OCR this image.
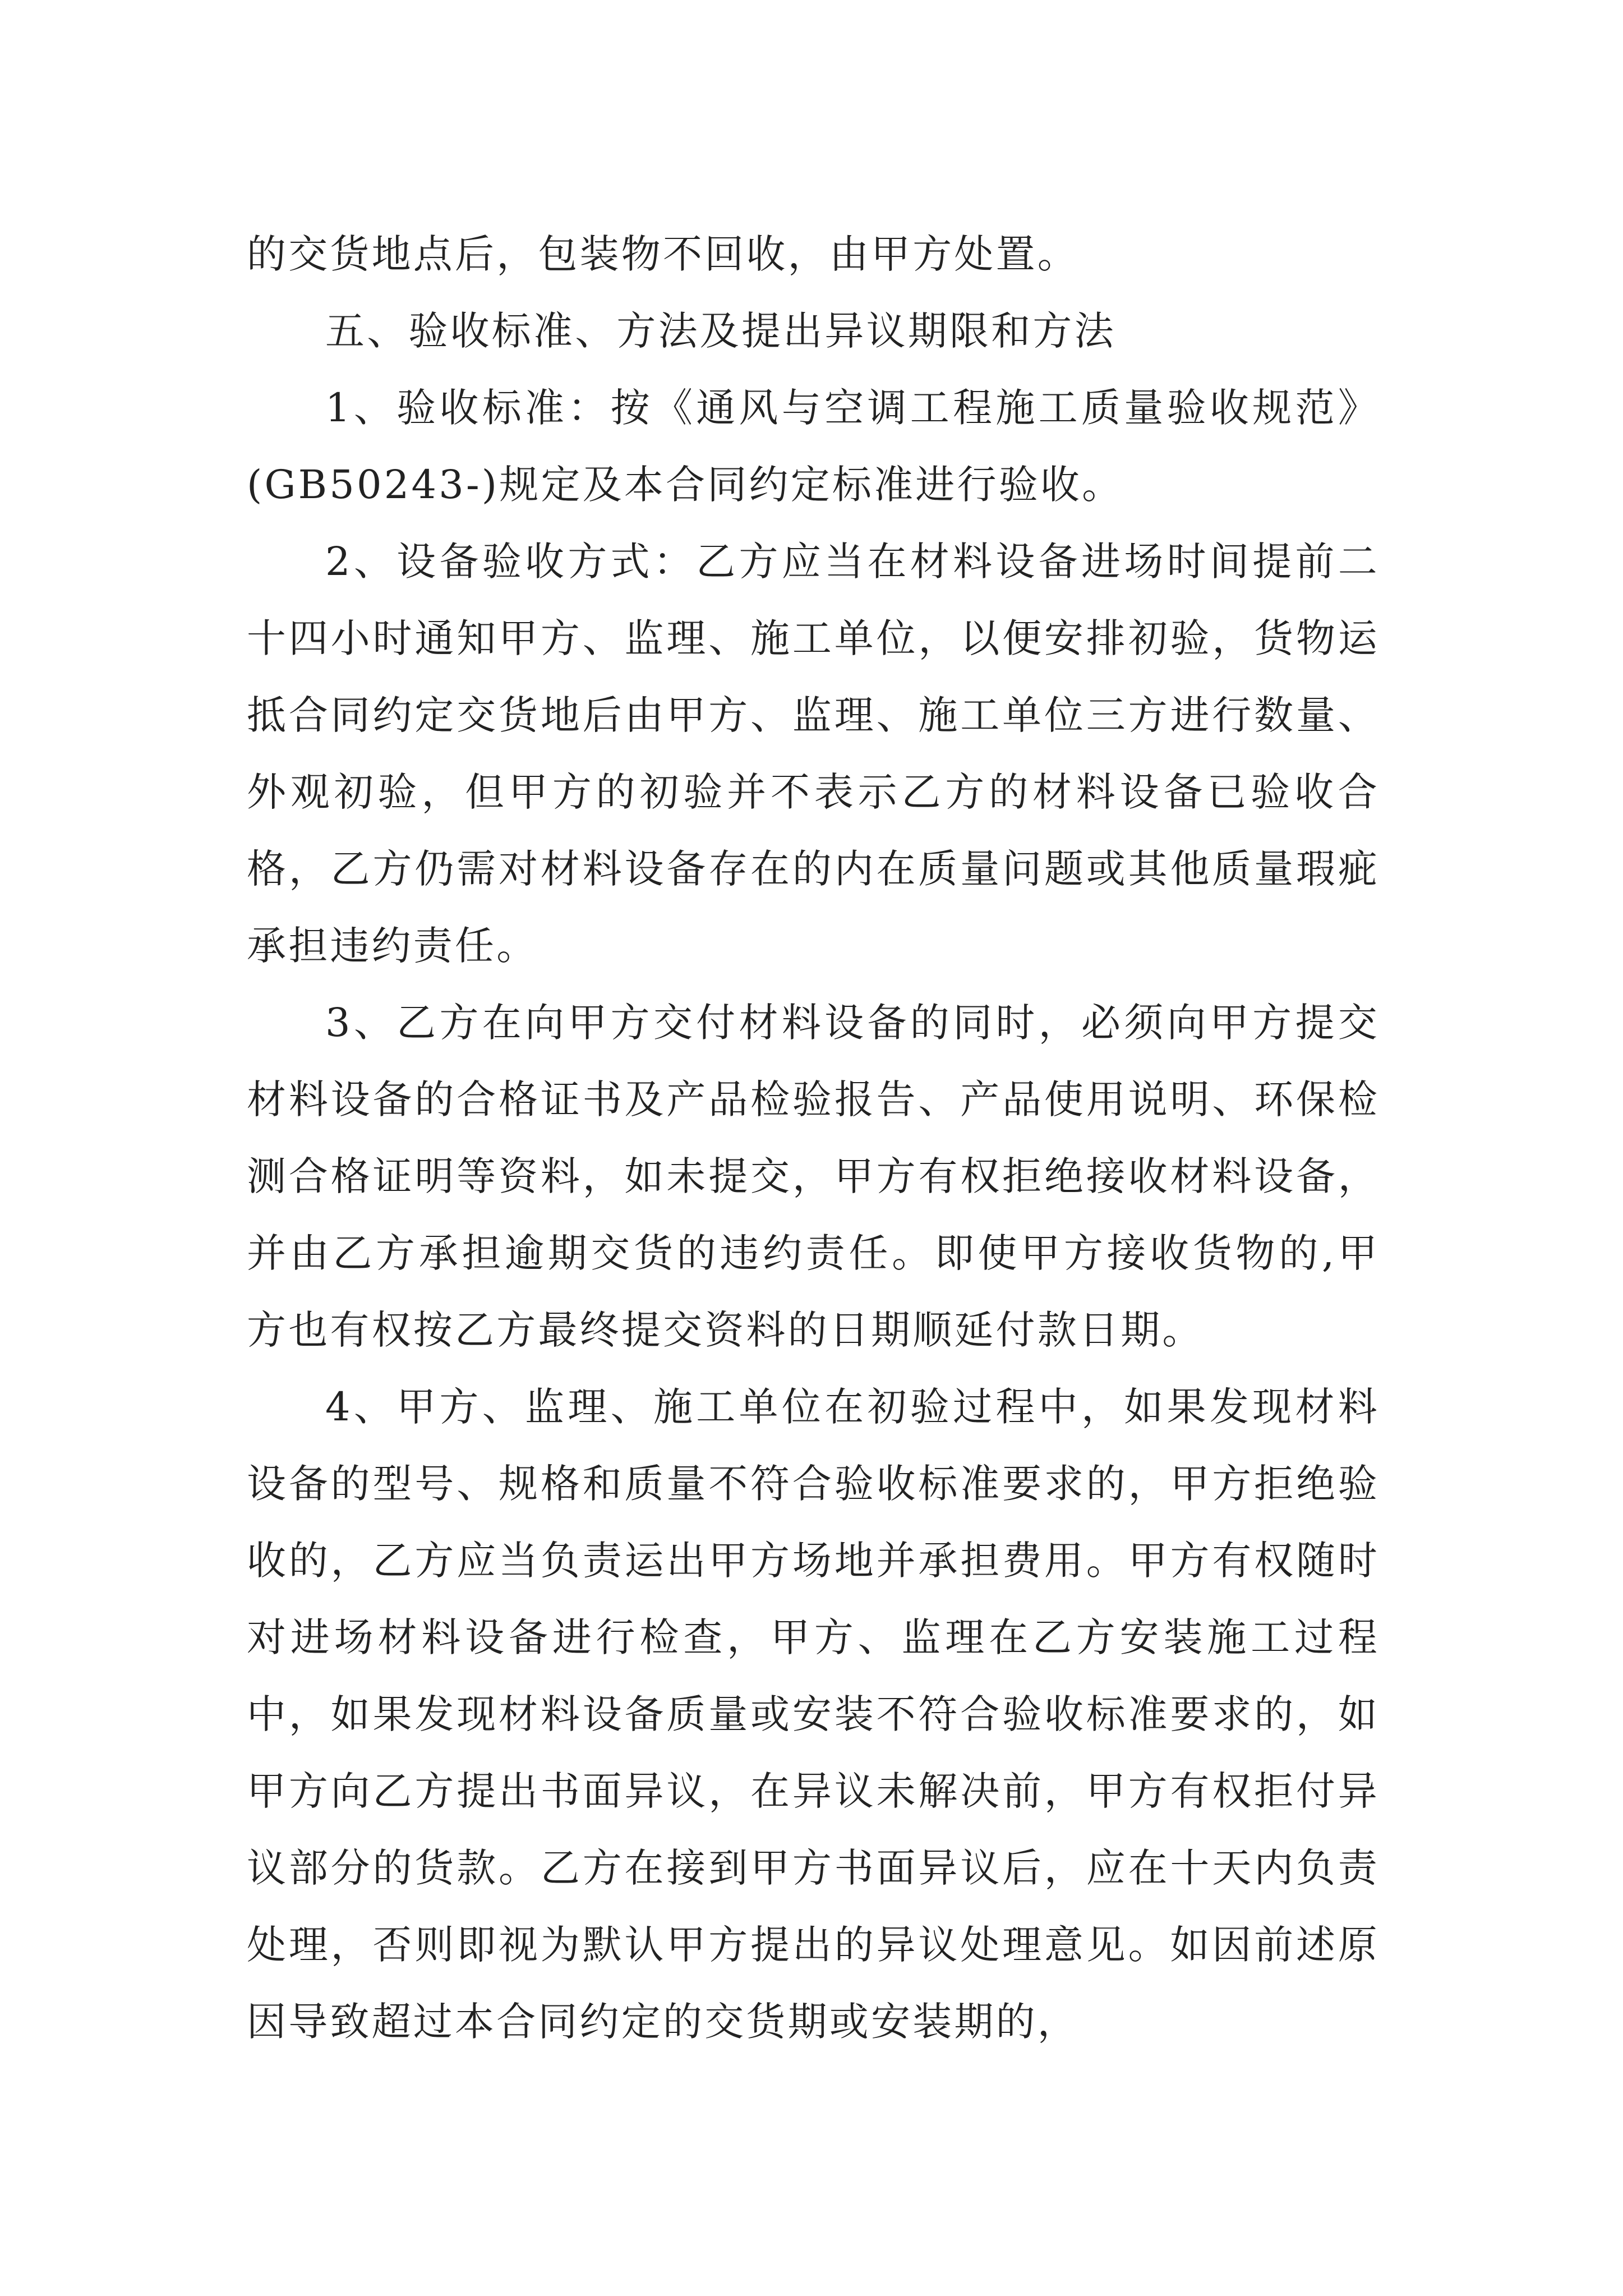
的交货地点后，包装物不回收，由甲方处置。

五、验收标准、方法及提出异议期限和方法

1、验收标准：按《通风与空调工程施工质量验收规范》(GB50243-)规定及本合同约定标准进行验收。

2、设备验收方式：乙方应当在材料设备进场时间提前二十四小时通知甲方、监理、施工单位，以便安排初验，货物运抵合同约定交货地后由甲方、监理、施工单位三方进行数量、外观初验，但甲方的初验并不表示乙方的材料设备已验收合格，乙方仍需对材料设备存在的内在质量问题或其他质量瑕疵承担违约责任。

3、乙方在向甲方交付材料设备的同时，必须向甲方提交材料设备的合格证书及产品检验报告、产品使用说明、环保检测合格证明等资料，如未提交，甲方有权拒绝接收材料设备，并由乙方承担逾期交货的违约责任。即使甲方接收货物的,甲方也有权按乙方最终提交资料的日期顺延付款日期。

4、甲方、监理、施工单位在初验过程中，如果发现材料设备的型号、规格和质量不符合验收标准要求的，甲方拒绝验收的，乙方应当负责运出甲方场地并承担费用。甲方有权随时对进场材料设备进行检查，甲方、监理在乙方安装施工过程中，如果发现材料设备质量或安装不符合验收标准要求的，如甲方向乙方提出书面异议，在异议未解决前，甲方有权拒付异议部分的货款。乙方在接到甲方书面异议后，应在十天内负责处理，否则即视为默认甲方提出的异议处理意见。如因前述原因导致超过本合同约定的交货期或安装期的，
